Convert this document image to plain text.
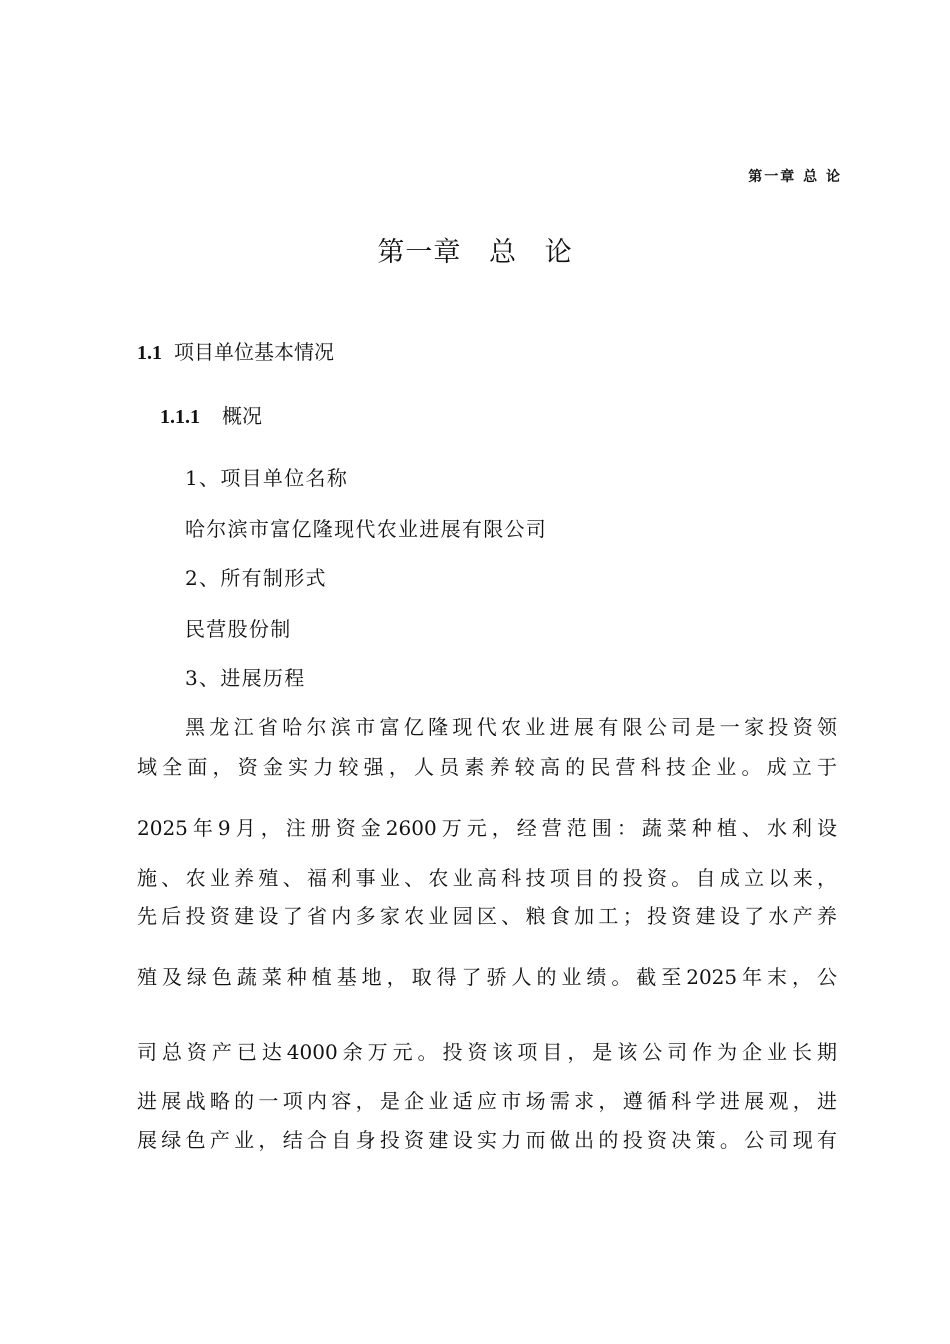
第一章 总 论
第一章 总 论
1.1 项目单位基本情况
1.1.1 概况
1、项目单位名称
哈尔滨市富亿隆现代农业进展有限公司
2、所有制形式
民营股份制
3、进展历程
黑龙江省哈尔滨市富亿隆现代农业进展有限公司是一家投资领
域全面，资金实力较强，人员素养较高的民营科技企业。成立于
2025年9月，注册资金2600万元，经营范围：蔬菜种植、水利设
施、农业养殖、福利事业、农业高科技项目的投资。自成立以来，
先后投资建设了省内多家农业园区、粮食加工；投资建设了水产养
殖及绿色蔬菜种植基地，取得了骄人的业绩。截至2025年末，公
司总资产已达4000余万元。投资该项目，是该公司作为企业长期
进展战略的一项内容，是企业适应市场需求，遵循科学进展观，进
展绿色产业，结合自身投资建设实力而做出的投资决策。公司现有
